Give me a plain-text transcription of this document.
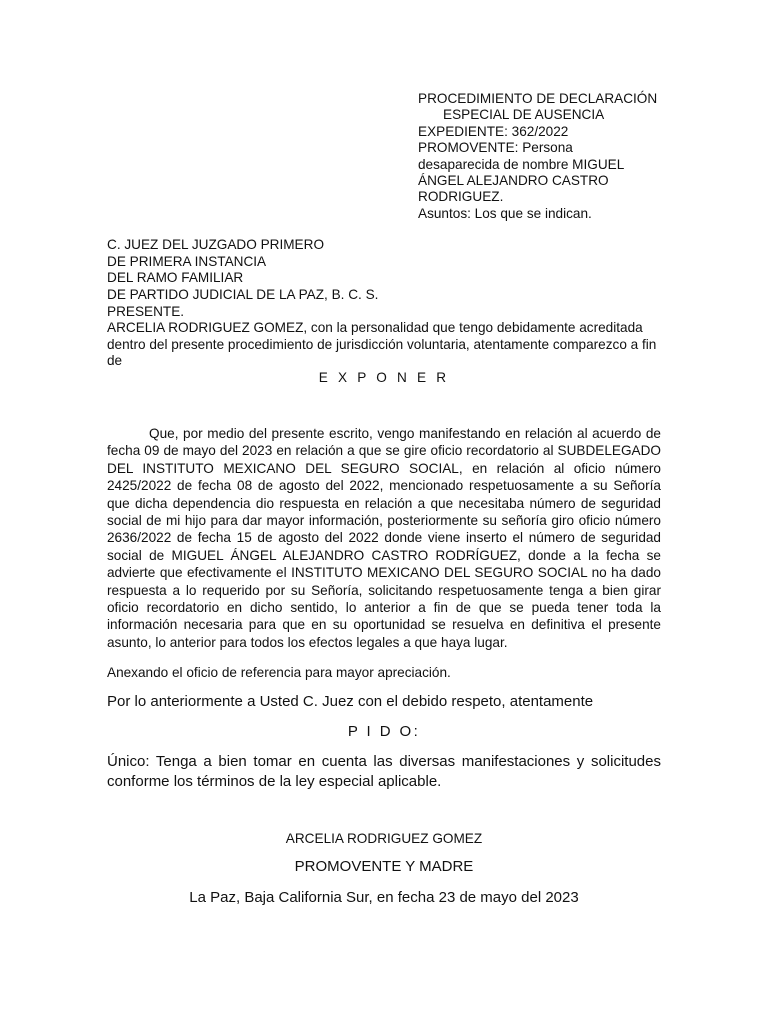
PROCEDIMIENTO DE DECLARACIÓN
ESPECIAL DE AUSENCIA
EXPEDIENTE: 362/2022
PROMOVENTE: Persona
desaparecida de nombre MIGUEL
ÁNGEL ALEJANDRO CASTRO
RODRIGUEZ.
Asuntos: Los que se indican.
C. JUEZ DEL JUZGADO PRIMERO
DE PRIMERA INSTANCIA
DEL RAMO FAMILIAR
DE PARTIDO JUDICIAL DE LA PAZ, B. C. S.
PRESENTE.
ARCELIA RODRIGUEZ GOMEZ, con la personalidad que tengo debidamente acreditada dentro del presente procedimiento de jurisdicción voluntaria, atentamente comparezco a fin de
E X P O N E R
Que, por medio del presente escrito, vengo manifestando en relación al acuerdo de fecha 09 de mayo del 2023 en relación a que se gire oficio recordatorio al SUBDELEGADO DEL INSTITUTO MEXICANO DEL SEGURO SOCIAL, en relación al oficio número 2425/2022 de fecha 08 de agosto del 2022, mencionado respetuosamente a su Señoría que dicha dependencia dio respuesta en relación a que necesitaba número de seguridad social de mi hijo para dar mayor información, posteriormente su señoría giro oficio número 2636/2022 de fecha 15 de agosto del 2022 donde viene inserto el número de seguridad social de MIGUEL ÁNGEL ALEJANDRO CASTRO RODRÍGUEZ, donde a la fecha se advierte que efectivamente el INSTITUTO MEXICANO DEL SEGURO SOCIAL no ha dado respuesta a lo requerido por su Señoría, solicitando respetuosamente tenga a bien girar oficio recordatorio en dicho sentido, lo anterior a fin de que se pueda tener toda la información necesaria para que en su oportunidad se resuelva en definitiva el presente asunto, lo anterior para todos los efectos legales a que haya lugar.
Anexando el oficio de referencia para mayor apreciación.
Por lo anteriormente a Usted C. Juez con el debido respeto, atentamente
P I D O:
Único: Tenga a bien tomar en cuenta las diversas manifestaciones y solicitudes conforme los términos de la ley especial aplicable.
ARCELIA RODRIGUEZ GOMEZ
PROMOVENTE Y MADRE
La Paz, Baja California Sur, en fecha 23 de mayo del 2023
